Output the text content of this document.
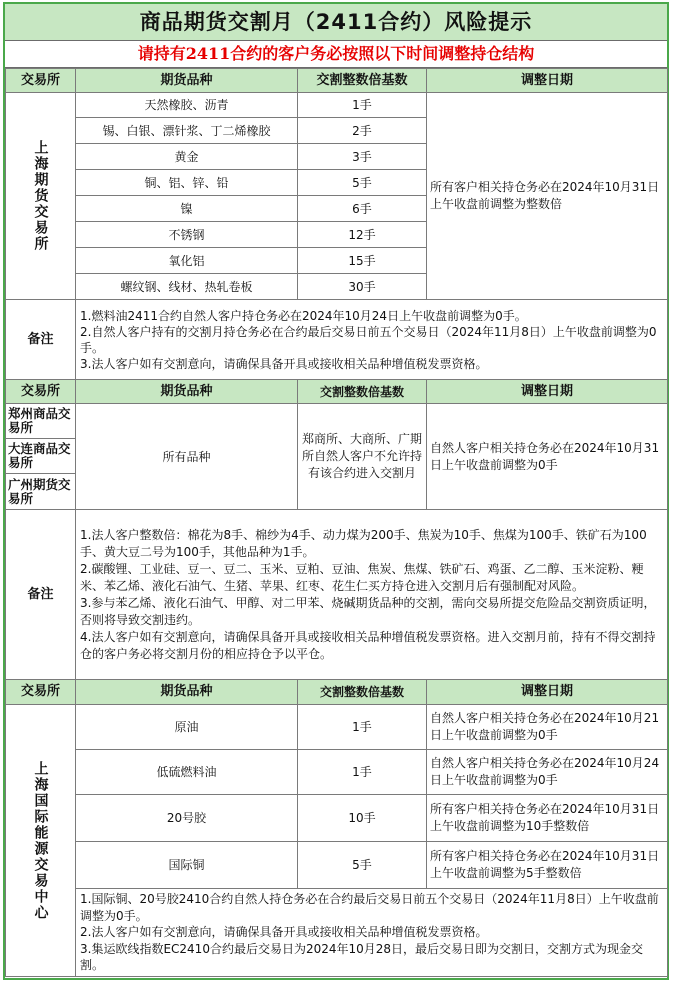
商品期货交割月（2411合约）风险提示
请持有2411合约的客户务必按照以下时间调整持仓结构
交易所	期货品种	交割整数倍基数	调整日期

上海期货交易所	天然橡胶、沥青	1手	所有客户相关持仓务必在2024年10月31日上午收盘前调整为整数倍
	锡、白银、漂针浆、丁二烯橡胶	2手	
	黄金	3手	
	铜、铝、锌、铅	5手	
	镍	6手	
	不锈钢	12手	
	氧化铝	15手	
	螺纹钢、线材、热轧卷板	30手	
备注	1.燃料油2411合约自然人客户持仓务必在2024年10月24日上午收盘前调整为0手。
2.自然人客户持有的交割月持仓务必在合约最后交易日前五个交易日（2024年11月8日）上午收盘前调整为0手。
3.法人客户如有交割意向，请确保具备开具或接收相关品种增值税发票资格。		

交易所	期货品种	交割整数倍基数	调整日期

郑州商品交易所
大连商品交易所
广州期货交易所	所有品种	郑商所、大商所、广期所自然人客户不允许持有该合约进入交割月	自然人客户相关持仓务必在2024年10月31日上午收盘前调整为0手
备注	1.法人客户整数倍：棉花为8手、棉纱为4手、动力煤为200手、焦炭为10手、焦煤为100手、铁矿石为100手、黄大豆二号为100手，其他品种为1手。
2.碳酸锂、工业硅、豆一、豆二、玉米、豆粕、豆油、焦炭、焦煤、铁矿石、鸡蛋、乙二醇、玉米淀粉、粳米、苯乙烯、液化石油气、生猪、苹果、红枣、花生仁买方持仓进入交割月后有强制配对风险。
3.参与苯乙烯、液化石油气、甲醇、对二甲苯、烧碱期货品种的交割，需向交易所提交危险品交割资质证明，否则将导致交割违约。
4.法人客户如有交割意向，请确保具备开具或接收相关品种增值税发票资格。进入交割月前，持有不得交割持仓的客户务必将交割月份的相应持仓予以平仓。		

交易所	期货品种	交割整数倍基数	调整日期

上海国际能源交易中心	原油	1手	自然人客户相关持仓务必在2024年10月21日上午收盘前调整为0手
	低硫燃料油	1手	自然人客户相关持仓务必在2024年10月24日上午收盘前调整为0手
	20号胶	10手	所有客户相关持仓务必在2024年10月31日上午收盘前调整为10手整数倍
	国际铜	5手	所有客户相关持仓务必在2024年10月31日上午收盘前调整为5手整数倍

	1.国际铜、20号胶2410合约自然人持仓务必在合约最后交易日前五个交易日（2024年11月8日）上午收盘前调整为0手。
2.法人客户如有交割意向，请确保具备开具或接收相关品种增值税发票资格。
3.集运欧线指数EC2410合约最后交易日为2024年10月28日，最后交易日即为交割日，交割方式为现金交割。		
